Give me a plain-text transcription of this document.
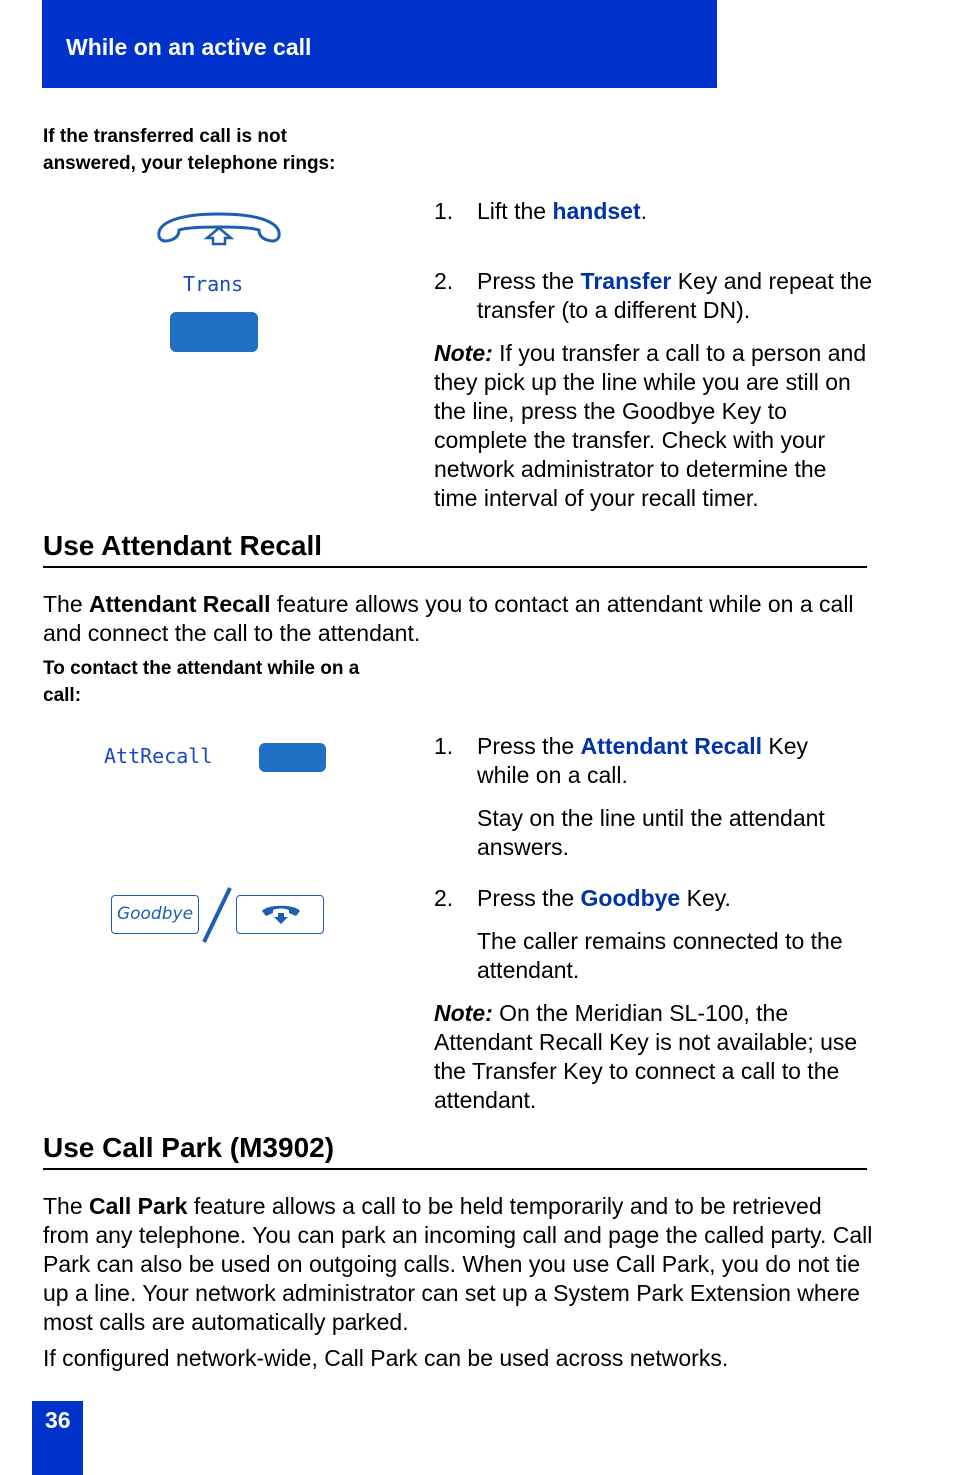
While on an active call
If the transferred call is not answered, your telephone rings:
Trans
1. Lift the handset.
2. Press the Transfer Key and repeat the
transfer (to a different DN).
Note: If you transfer a call to a person and they pick up the line while you are still on the line, press the Goodbye Key to complete the transfer. Check with your network administrator to determine the time interval of your recall timer.
Use Attendant Recall
The Attendant Recall feature allows you to contact an attendant while on a call and connect the call to the attendant.
To contact the attendant while on a call:
AttRecall	1. Press the Attendant Recall Key
while on a call.
Stay on the line until the attendant answers.
Goodbye
2. Press the Goodbye Key.
The caller remains connected to the attendant.
Note: On the Meridian SL-100, the Attendant Recall Key is not available; use the Transfer Key to connect a call to the attendant.
Use Call Park (M3902)
The Call Park feature allows a call to be held temporarily and to be retrieved from any telephone. You can park an incoming call and page the called party. Call Park can also be used on outgoing calls. When you use Call Park, you do not tie up a line. Your network administrator can set up a System Park Extension where most calls are automatically parked.
If configured network-wide, Call Park can be used across networks.
36
